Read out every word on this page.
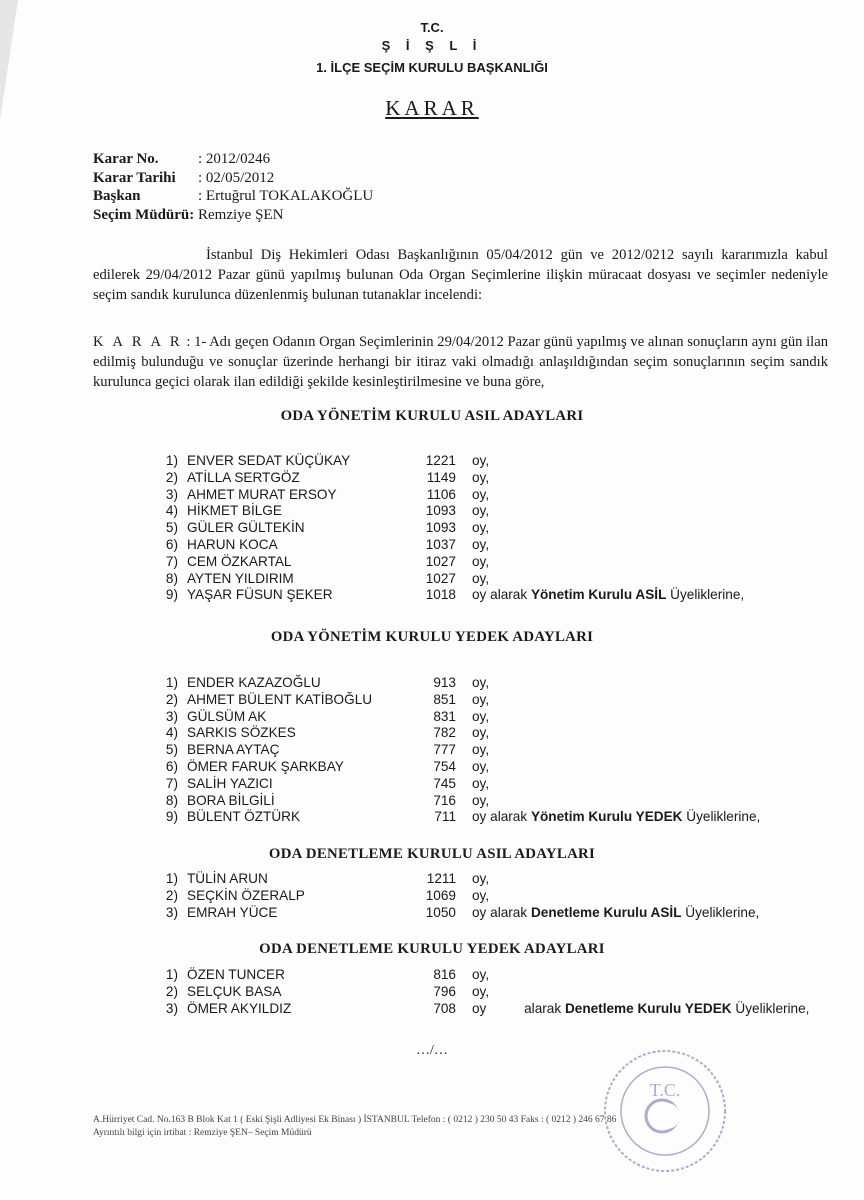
T.C.
Ş İ Ş L İ
1. İLÇE SEÇİM KURULU BAŞKANLIĞI
KARAR
Karar No.	: 2012/0246
Karar Tarihi	: 02/05/2012
Başkan	: Ertuğrul TOKALAKOĞLU
Seçim Müdürü: Remziye ŞEN
İstanbul Diş Hekimleri Odası Başkanlığının 05/04/2012 gün ve 2012/0212 sayılı kararımızla kabul edilerek 29/04/2012 Pazar günü yapılmış bulunan Oda Organ Seçimlerine ilişkin müracaat dosyası ve seçimler nedeniyle seçim sandık kurulunca düzenlenmiş bulunan tutanaklar incelendi:
K A R A R : 1- Adı geçen Odanın Organ Seçimlerinin 29/04/2012 Pazar günü yapılmış ve alınan sonuçların aynı gün ilan edilmiş bulunduğu ve sonuçlar üzerinde herhangi bir itiraz vaki olmadığı anlaşıldığından seçim sonuçlarının seçim sandık kurulunca geçici olarak ilan edildiği şekilde kesinleştirilmesine ve buna göre,
ODA YÖNETİM KURULU ASIL ADAYLARI
1) ENVER SEDAT KÜÇÜKAY	1221 oy,
2) ATİLLA SERTGÖZ	1149 oy,
3) AHMET MURAT ERSOY	1106 oy,
4) HİKMET BİLGE	1093 oy,
5) GÜLER GÜLTEKİN	1093 oy,
6) HARUN KOCA	1037 oy,
7) CEM ÖZKARTAL	1027 oy,
8) AYTEN YILDIRIM	1027 oy,
9) YAŞAR FÜSUN ŞEKER	1018 oy alarak Yönetim Kurulu ASİL Üyeliklerine,
ODA YÖNETİM KURULU YEDEK ADAYLARI
1) ENDER KAZAZOĞLU	913 oy,
2) AHMET BÜLENT KATİBOĞLU	851 oy,
3) GÜLSÜM AK	831 oy,
4) SARKIS SÖZKES	782 oy,
5) BERNA AYTAÇ	777 oy,
6) ÖMER FARUK ŞARKBAY	754 oy,
7) SALİH YAZICI	745 oy,
8) BORA BİLGİLİ	716 oy,
9) BÜLENT ÖZTÜRK	711 oy alarak Yönetim Kurulu YEDEK Üyeliklerine,
ODA DENETLEME KURULU ASIL ADAYLARI
1) TÜLİN ARUN	1211 oy,
2) SEÇKİN ÖZERALP	1069 oy,
3) EMRAH YÜCE	1050 oy alarak Denetleme Kurulu ASİL Üyeliklerine,
ODA DENETLEME KURULU YEDEK ADAYLARI
1) ÖZEN TUNCER	816 oy,
2) SELÇUK BASA	796 oy,
3) ÖMER AKYILDIZ	708 oy          alarak Denetleme Kurulu YEDEK Üyeliklerine,
…/…
T.C.
A.Hürriyet Cad. No.163 B Blok Kat 1 ( Eski Şişli Adliyesi Ek Binası ) İSTANBUL Telefon : ( 0212 ) 230 50 43 Faks : ( 0212 ) 246 67 86
Ayrıntılı bilgi için irtibat : Remziye ŞEN– Seçim Müdürü
